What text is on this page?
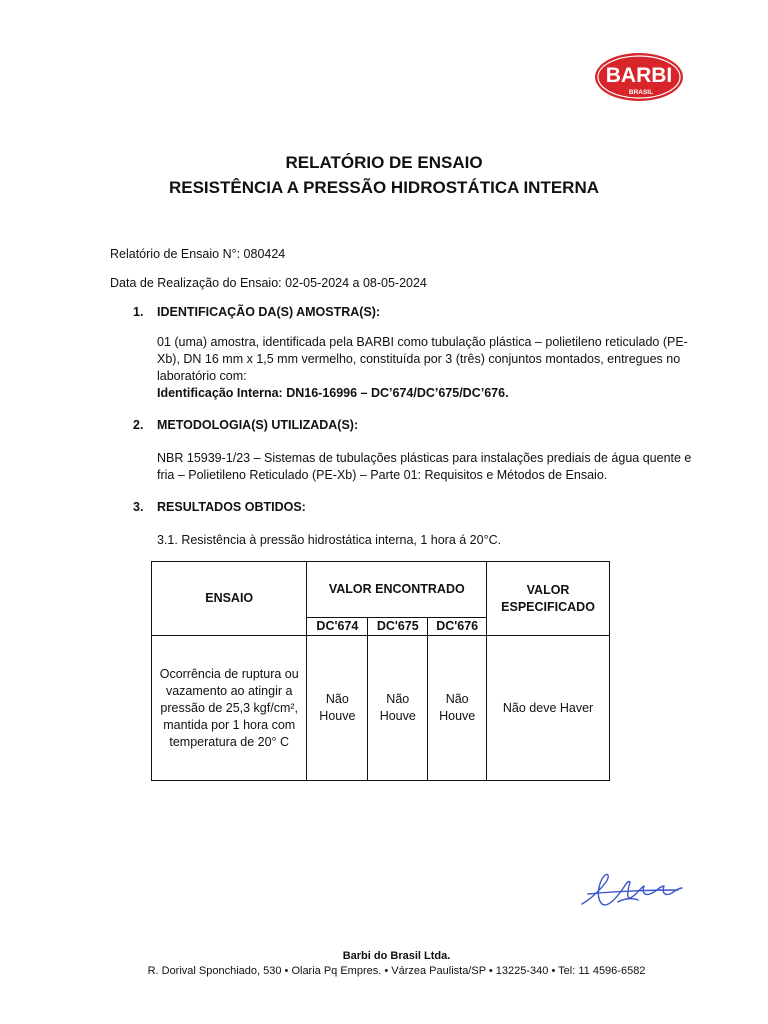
BARBI
BRASIL
RELATÓRIO DE ENSAIO
RESISTÊNCIA A PRESSÃO HIDROSTÁTICA INTERNA
Relatório de Ensaio N°: 080424
Data de Realização do Ensaio: 02-05-2024 a 08-05-2024
1. IDENTIFICAÇÃO DA(S) AMOSTRA(S):
01 (uma) amostra, identificada pela BARBI como tubulação plástica – polietileno reticulado (PE-Xb), DN 16 mm x 1,5 mm vermelho, constituída por 3 (três) conjuntos montados, entregues no laboratório com:
Identificação Interna: DN16-16996 – DC’674/DC’675/DC’676.
2. METODOLOGIA(S) UTILIZADA(S):
NBR 15939-1/23 – Sistemas de tubulações plásticas para instalações prediais de água quente e fria – Polietileno Reticulado (PE-Xb) – Parte 01: Requisitos e Métodos de Ensaio.
3. RESULTADOS OBTIDOS:
3.1. Resistência à pressão hidrostática interna, 1 hora á 20°C.
ENSAIO	VALOR ENCONTRADO			VALOR ESPECIFICADO
	DC'674	DC'675	DC'676	
Ocorrência de ruptura ou vazamento ao atingir a pressão de 25,3 kgf/cm², mantida por 1 hora com temperatura de 20° C	Não Houve	Não Houve	Não Houve	Não deve Haver
Barbi do Brasil Ltda.
R. Dorival Sponchiado, 530 • Olaria Pq Empres. • Várzea Paulista/SP • 13225-340 • Tel: 11 4596-6582
